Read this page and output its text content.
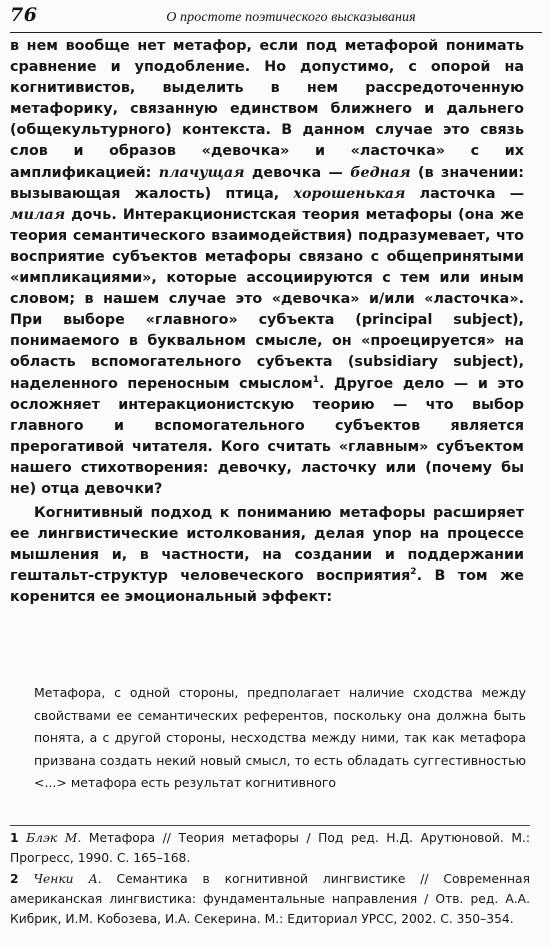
76	О простоте поэтического высказывания

в нем вообще нет метафор, если под метафорой понимать сравнение и уподобление. Но допустимо, с опорой на когнитивистов, выделить в нем рассредоточенную метафорику, связанную единством ближнего и дальнего (общекультурного) контекста. В данном случае это связь слов и образов «девочка» и «ласточка» с их амплификацией: плачущая девочка — бедная (в значении: вызывающая жалость) птица, хорошенькая ласточка — милая дочь. Интеракционистская теория метафоры (она же теория семантического взаимодействия) подразумевает, что восприятие субъектов метафоры связано с общепринятыми «импликациями», которые ассоциируются с тем или иным словом; в нашем случае это «девочка» и/или «ласточка». При выборе «главного» субъекта (principal subject), понимаемого в буквальном смысле, он «проецируется» на область вспомогательного субъекта (subsidiary subject), наделенного переносным смыслом$^1$. Другое дело — и это осложняет интеракционистскую теорию — что выбор главного и вспомогательного субъектов является прерогативой читателя. Кого считать «главным» субъектом нашего стихотворения: девочку, ласточку или (почему бы не) отца девочки?

Когнитивный подход к пониманию метафоры расширяет ее лингвистические истолкования, делая упор на процессе мышления и, в частности, на создании и поддержании гештальт-структур человеческого восприятия$^2$. В том же коренится ее эмоциональный эффект:

Метафора, с одной стороны, предполагает наличие сходства между свойствами ее семантических референтов, поскольку она должна быть понята, а с другой стороны, несходства между ними, так как метафора призвана создать некий новый смысл, то есть обладать суггестивностью <...> метафора есть результат когнитивного

1 Блэк М. Метафора // Теория метафоры / Под ред. Н.Д. Арутюновой. М.: Прогресс, 1990. С. 165–168.

2 Ченки А. Семантика в когнитивной лингвистике // Современная американская лингвистика: фундаментальные направления / Отв. ред. А.А. Кибрик, И.М. Кобозева, И.А. Секерина. М.: Едиториал УРСС, 2002. С. 350–354.
